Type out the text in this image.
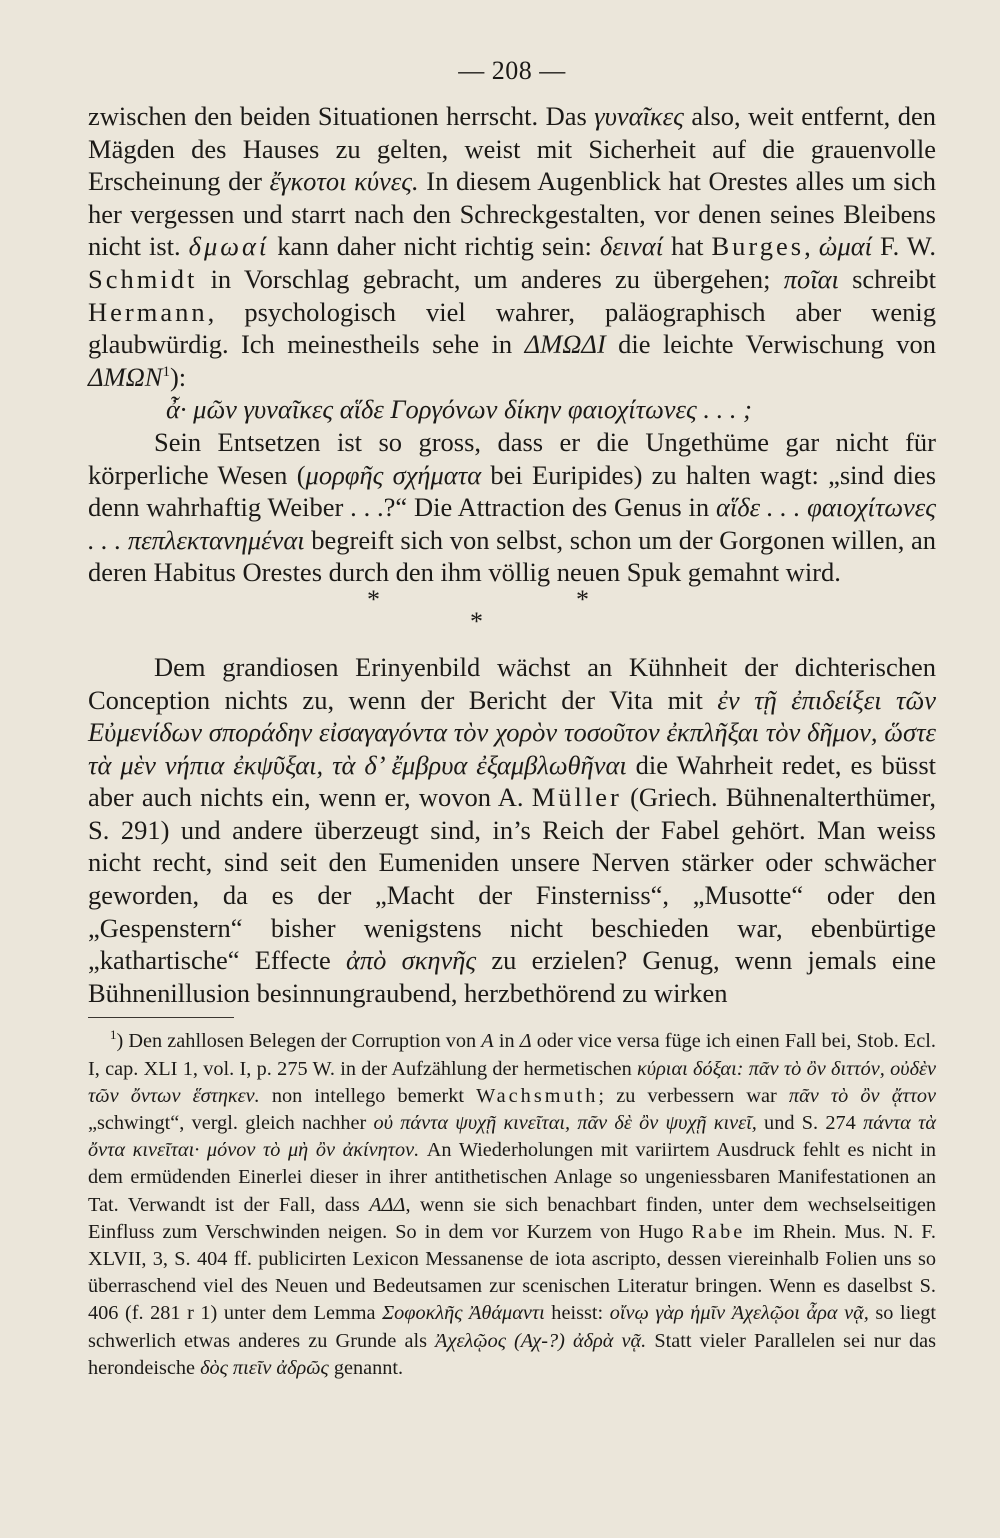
— 208 —

zwischen den beiden Situationen herrscht. Das γυναῖκες also, weit entfernt, den Mägden des Hauses zu gelten, weist mit Sicherheit auf die grauenvolle Erscheinung der ἔγκοτοι κύνες. In diesem Augenblick hat Orestes alles um sich her vergessen und starrt nach den Schreckgestalten, vor denen seines Bleibens nicht ist. δμωαί kann daher nicht richtig sein: δειναί hat Burges, ὠμαί F. W. Schmidt in Vorschlag gebracht, um anderes zu übergehen; ποῖαι schreibt Hermann, psychologisch viel wahrer, paläographisch aber wenig glaubwürdig. Ich meinestheils sehe in ΔΜΩΔΙ die leichte Verwischung von ΔΜΩΝ$^1$):

ἆ· μῶν γυναῖκες αἵδε Γοργόνων δίκην φαιοχίτωνες . . . ;

Sein Entsetzen ist so gross, dass er die Ungethüme gar nicht für körperliche Wesen (μορφῆς σχήματα bei Euripides) zu halten wagt: „sind dies denn wahrhaftig Weiber . . .?“ Die Attraction des Genus in αἵδε . . . φαιοχίτωνες . . . πεπλεκτανημέναι begreift sich von selbst, schon um der Gorgonen willen, an deren Habitus Orestes durch den ihm völlig neuen Spuk gemahnt wird.

*	*
*

Dem grandiosen Erinyenbild wächst an Kühnheit der dichterischen Conception nichts zu, wenn der Bericht der Vita mit ἐν τῇ ἐπιδείξει τῶν Εὐμενίδων σποράδην εἰσαγαγόντα τὸν χορὸν τοσοῦτον ἐκπλῆξαι τὸν δῆμον, ὥστε τὰ μὲν νήπια ἐκψῦξαι, τὰ δ’ ἔμβρυα ἐξαμβλωθῆναι die Wahrheit redet, es büsst aber auch nichts ein, wenn er, wovon A. Müller (Griech. Bühnenalterthümer, S. 291) und andere überzeugt sind, in’s Reich der Fabel gehört. Man weiss nicht recht, sind seit den Eumeniden unsere Nerven stärker oder schwächer geworden, da es der „Macht der Finsterniss“, „Musotte“ oder den „Gespenstern“ bisher wenigstens nicht beschieden war, ebenbürtige „kathartische“ Effecte ἀπὸ σκηνῆς zu erzielen? Genug, wenn jemals eine Bühnenillusion besinnungraubend, herzbethörend zu wirken

$^1$) Den zahllosen Belegen der Corruption von Α in Δ oder vice versa füge ich einen Fall bei, Stob. Ecl. I, cap. XLI 1, vol. I, p. 275 W. in der Aufzählung der hermetischen κύριαι δόξαι: πᾶν τὸ ὂν διττόν, οὐδὲν τῶν ὄντων ἕστηκεν. non intellego bemerkt Wachsmuth; zu verbessern war πᾶν τὸ ὂν ᾄττον „schwingt“, vergl. gleich nachher οὐ πάντα ψυχῇ κινεῖται, πᾶν δὲ ὂν ψυχῇ κινεῖ, und S. 274 πάντα τὰ ὄντα κινεῖται· μόνον τὸ μὴ ὂν ἀκίνητον. An Wiederholungen mit variirtem Ausdruck fehlt es nicht in dem ermüdenden Einerlei dieser in ihrer antithetischen Anlage so ungeniessbaren Manifestationen an Tat. Verwandt ist der Fall, dass ΑΔΔ, wenn sie sich benachbart finden, unter dem wechselseitigen Einfluss zum Verschwinden neigen. So in dem vor Kurzem von Hugo Rabe im Rhein. Mus. N. F. XLVII, 3, S. 404 ff. publicirten Lexicon Messanense de iota ascripto, dessen viereinhalb Folien uns so überraschend viel des Neuen und Bedeutsamen zur scenischen Literatur bringen. Wenn es daselbst S. 406 (f. 281 r 1) unter dem Lemma Σοφοκλῆς Ἀθάμαντι heisst: οἴνῳ γὰρ ἡμῖν Ἀχελῷοι ἆρα νᾷ, so liegt schwerlich etwas anderes zu Grunde als Ἀχελῷος (Αχ-?) ἀδρὰ νᾷ. Statt vieler Parallelen sei nur das herondeische δὸς πιεῖν ἀδρῶς genannt.
